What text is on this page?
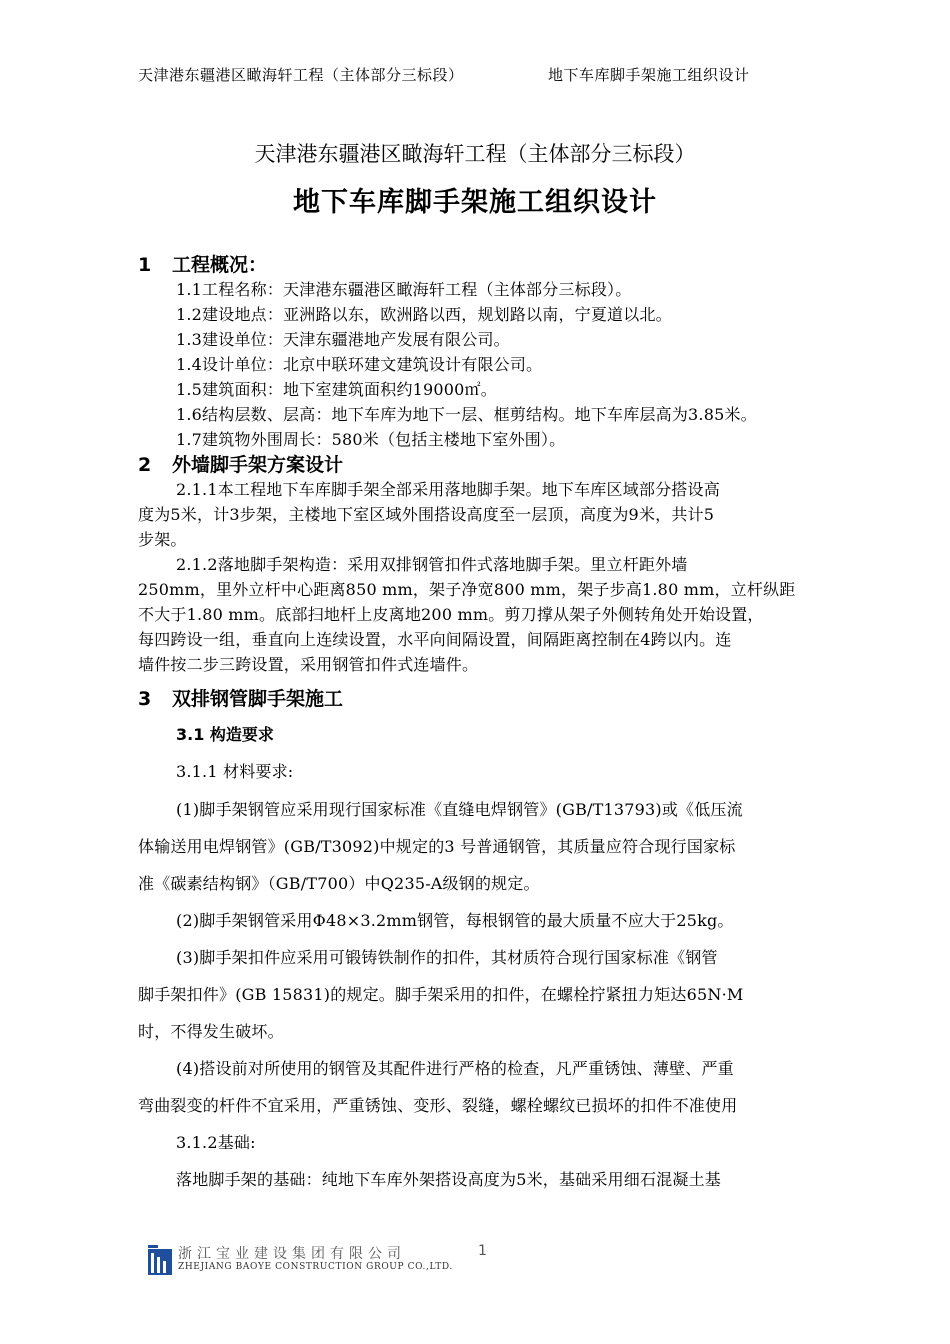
天津港东疆港区瞰海轩工程（主体部分三标段）	地下车库脚手架施工组织设计
天津港东疆港区瞰海轩工程（主体部分三标段）
地下车库脚手架施工组织设计
1 工程概况：
1.1工程名称：天津港东疆港区瞰海轩工程（主体部分三标段）。
1.2建设地点：亚洲路以东，欧洲路以西，规划路以南，宁夏道以北。
1.3建设单位：天津东疆港地产发展有限公司。
1.4设计单位：北京中联环建文建筑设计有限公司。
1.5建筑面积：地下室建筑面积约19000㎡。
1.6结构层数、层高：地下车库为地下一层、框剪结构。地下车库层高为3.85米。
1.7建筑物外围周长：580米（包括主楼地下室外围）。
2 外墙脚手架方案设计
2.1.1本工程地下车库脚手架全部采用落地脚手架。地下车库区域部分搭设高
度为5米，计3步架，主楼地下室区域外围搭设高度至一层顶，高度为9米，共计5
步架。
2.1.2落地脚手架构造：采用双排钢管扣件式落地脚手架。里立杆距外墙
250mm，里外立杆中心距离850 mm，架子净宽800 mm，架子步高1.80 mm，立杆纵距
不大于1.80 mm。底部扫地杆上皮离地200 mm。剪刀撑从架子外侧转角处开始设置，
每四跨设一组，垂直向上连续设置，水平向间隔设置，间隔距离控制在4跨以内。连
墙件按二步三跨设置，采用钢管扣件式连墙件。
3 双排钢管脚手架施工
3.1 构造要求
3.1.1 材料要求:
(1)脚手架钢管应采用现行国家标准《直缝电焊钢管》(GB/T13793)或《低压流
体输送用电焊钢管》(GB/T3092)中规定的3 号普通钢管，其质量应符合现行国家标
准《碳素结构钢》（GB/T700）中Q235-A级钢的规定。
(2)脚手架钢管采用Φ48×3.2mm钢管，每根钢管的最大质量不应大于25kg。
(3)脚手架扣件应采用可锻铸铁制作的扣件，其材质符合现行国家标准《钢管
脚手架扣件》(GB 15831)的规定。脚手架采用的扣件，在螺栓拧紧扭力矩达65N·M
时，不得发生破坏。
(4)搭设前对所使用的钢管及其配件进行严格的检查，凡严重锈蚀、薄壁、严重
弯曲裂变的杆件不宜采用，严重锈蚀、变形、裂缝，螺栓螺纹已损坏的扣件不准使用
3.1.2基础:
落地脚手架的基础：纯地下车库外架搭设高度为5米，基础采用细石混凝土基
浙江宝业建设集团有限公司	1
ZHEJIANG BAOYE CONSTRUCTION GROUP CO.,LTD.
